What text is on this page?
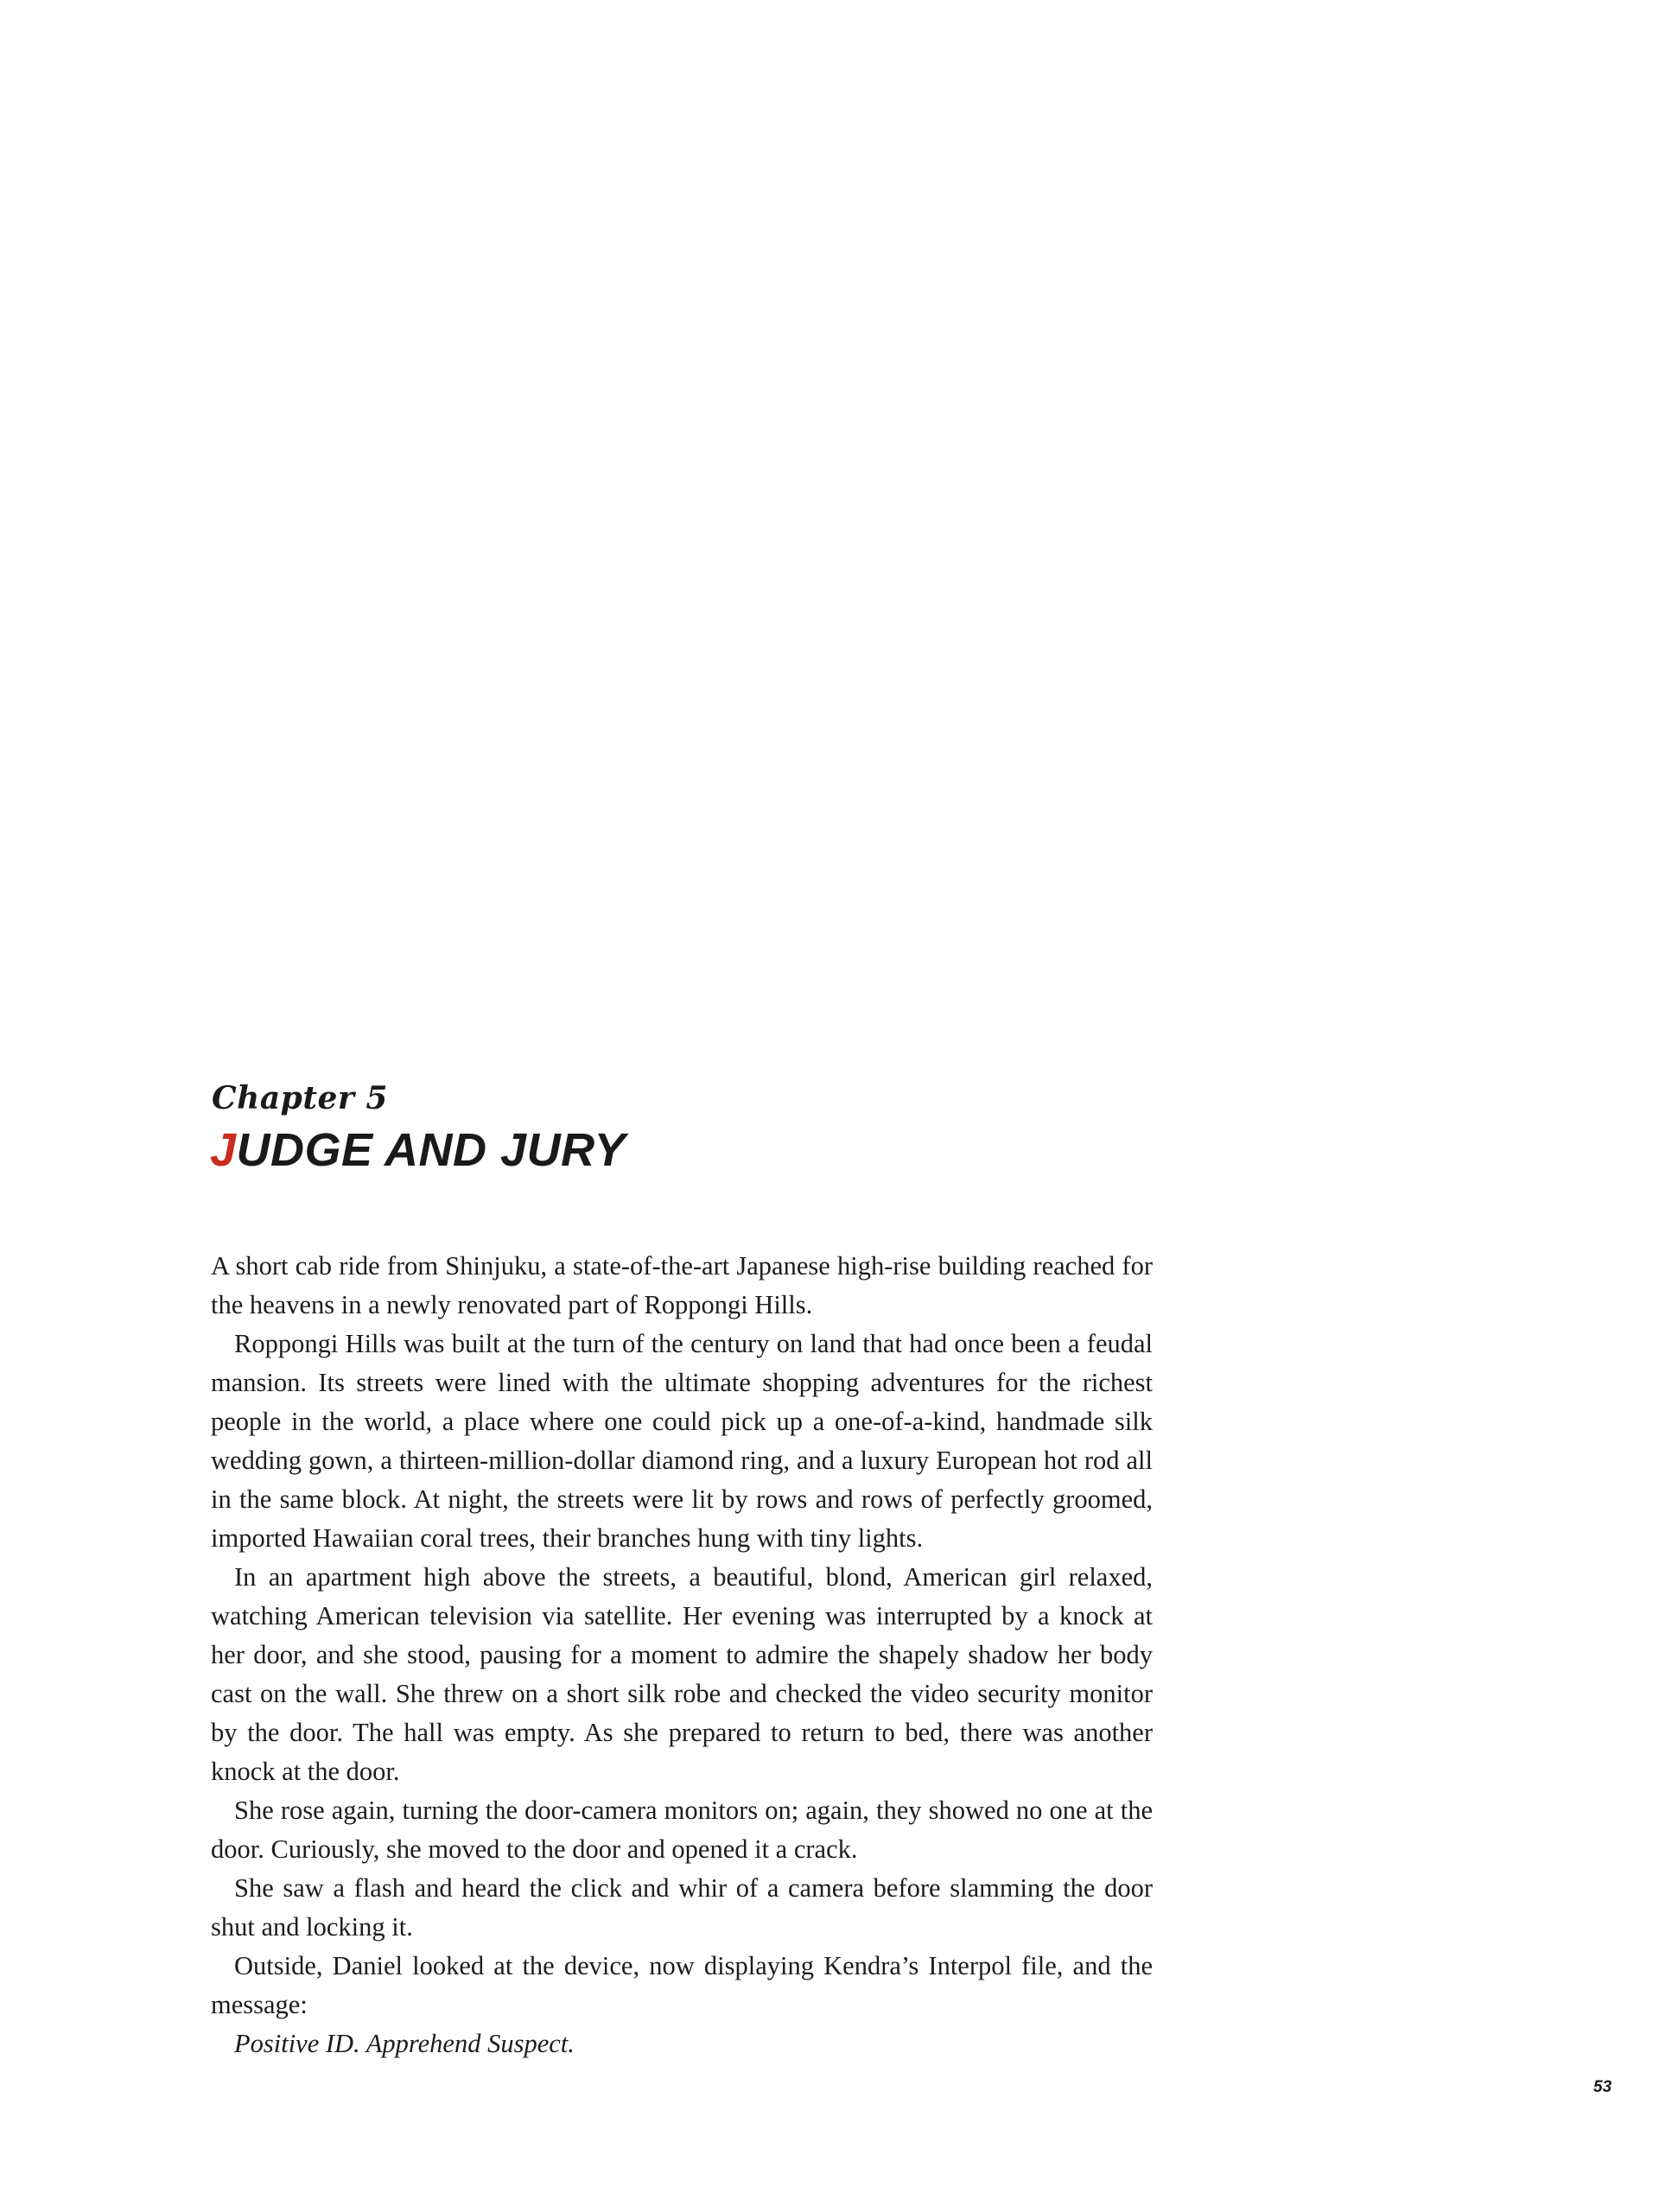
Chapter 5
JUDGE AND JURY

A short cab ride from Shinjuku, a state-of-the-art Japanese high-rise building reached for the heavens in a newly renovated part of Roppongi Hills.

Roppongi Hills was built at the turn of the century on land that had once been a feudal mansion. Its streets were lined with the ultimate shopping adventures for the richest people in the world, a place where one could pick up a one-of-a-kind, handmade silk wedding gown, a thirteen-million-dollar diamond ring, and a luxury European hot rod all in the same block. At night, the streets were lit by rows and rows of perfectly groomed, imported Hawaiian coral trees, their branches hung with tiny lights.

In an apartment high above the streets, a beautiful, blond, American girl relaxed, watching American television via satellite. Her evening was interrupted by a knock at her door, and she stood, pausing for a moment to admire the shapely shadow her body cast on the wall. She threw on a short silk robe and checked the video security monitor by the door. The hall was empty. As she prepared to return to bed, there was another knock at the door.

She rose again, turning the door-camera monitors on; again, they showed no one at the door. Curiously, she moved to the door and opened it a crack.

She saw a flash and heard the click and whir of a camera before slamming the door shut and locking it.

Outside, Daniel looked at the device, now displaying Kendra’s Interpol file, and the message:

Positive ID. Apprehend Suspect.

53
